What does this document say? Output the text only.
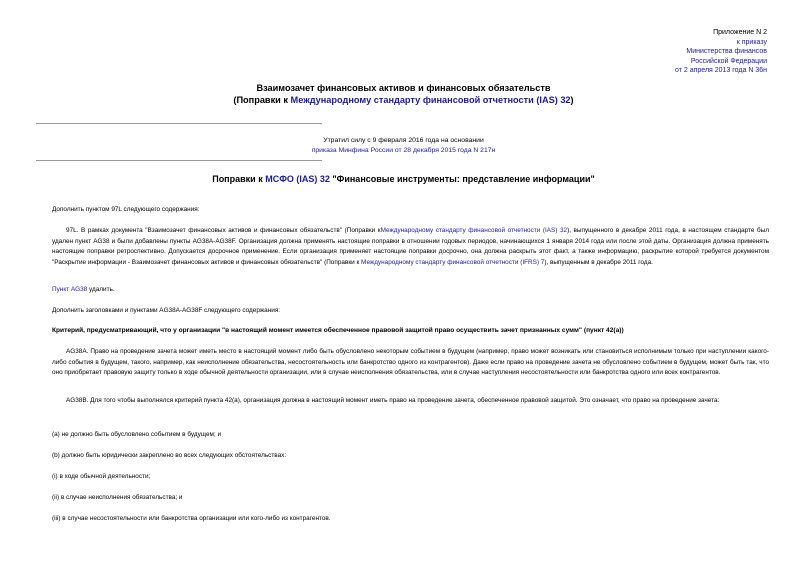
Приложение N 2
к приказу
Министерства финансов
Российской Федерации
от 2 апреля 2013 года N 36н
Взаимозачет финансовых активов и финансовых обязательств
(Поправки к Международному стандарту финансовой отчетности (IAS) 32)
Утратил силу с 9 февраля 2016 года на основании
приказа Минфина России от 28 декабря 2015 года N 217н
Поправки к МСФО (IAS) 32 "Финансовые инструменты: представление информации"
Дополнить пунктом 97L следующего содержания:
97L. В рамках документа "Взаимозачет финансовых активов и финансовых обязательств" (Поправки кМеждународному стандарту финансовой отчетности (IAS) 32), выпущенного в декабре 2011 года, в настоящем стандарте был удален пункт AG38 и были добавлены пункты AG38A-AG38F. Организация должна применять настоящие поправки в отношении годовых периодов, начинающихся 1 января 2014 года или после этой даты. Организация должна применять настоящие поправки ретроспективно. Допускается досрочное применение. Если организация применяет настоящие поправки досрочно, она должна раскрыть этот факт, а также информацию, раскрытие которой требуется документом "Раскрытие информации - Взаимозачет финансовых активов и финансовых обязательств" (Поправки к Международному стандарту финансовой отчетности (IFRS) 7), выпущенным в декабре 2011 года.
Пункт AG38 удалить.
Дополнить заголовками и пунктами AG38A-AG38F следующего содержания:
Критерий, предусматривающий, что у организации "в настоящий момент имеется обеспеченное правовой защитой право осуществить зачет признанных сумм" (пункт 42(a))
AG38A. Право на проведение зачета может иметь место в настоящий момент либо быть обусловлено некоторым событием в будущем (например, право может возникать или становиться исполнимым только при наступлении какого-либо события в будущем, такого, например, как неисполнение обязательства, несостоятельность или банкротство одного из контрагентов). Даже если право на проведение зачета не обусловлено событием в будущем, может быть так, что оно приобретает правовую защиту только в ходе обычной деятельности организации, или в случае неисполнения обязательства, или в случае наступления несостоятельности или банкротства одного или всех контрагентов.
AG38B. Для того чтобы выполнялся критерий пункта 42(a), организация должна в настоящий момент иметь право на проведение зачета, обеспеченное правовой защитой. Это означает, что право на проведение зачета:
(a) не должно быть обусловлено событием в будущем; и
(b) должно быть юридически закреплено во всех следующих обстоятельствах:
(i) в ходе обычной деятельности;
(ii) в случае неисполнения обязательства; и
(iii) в случае несостоятельности или банкротства организации или кого-либо из контрагентов.
